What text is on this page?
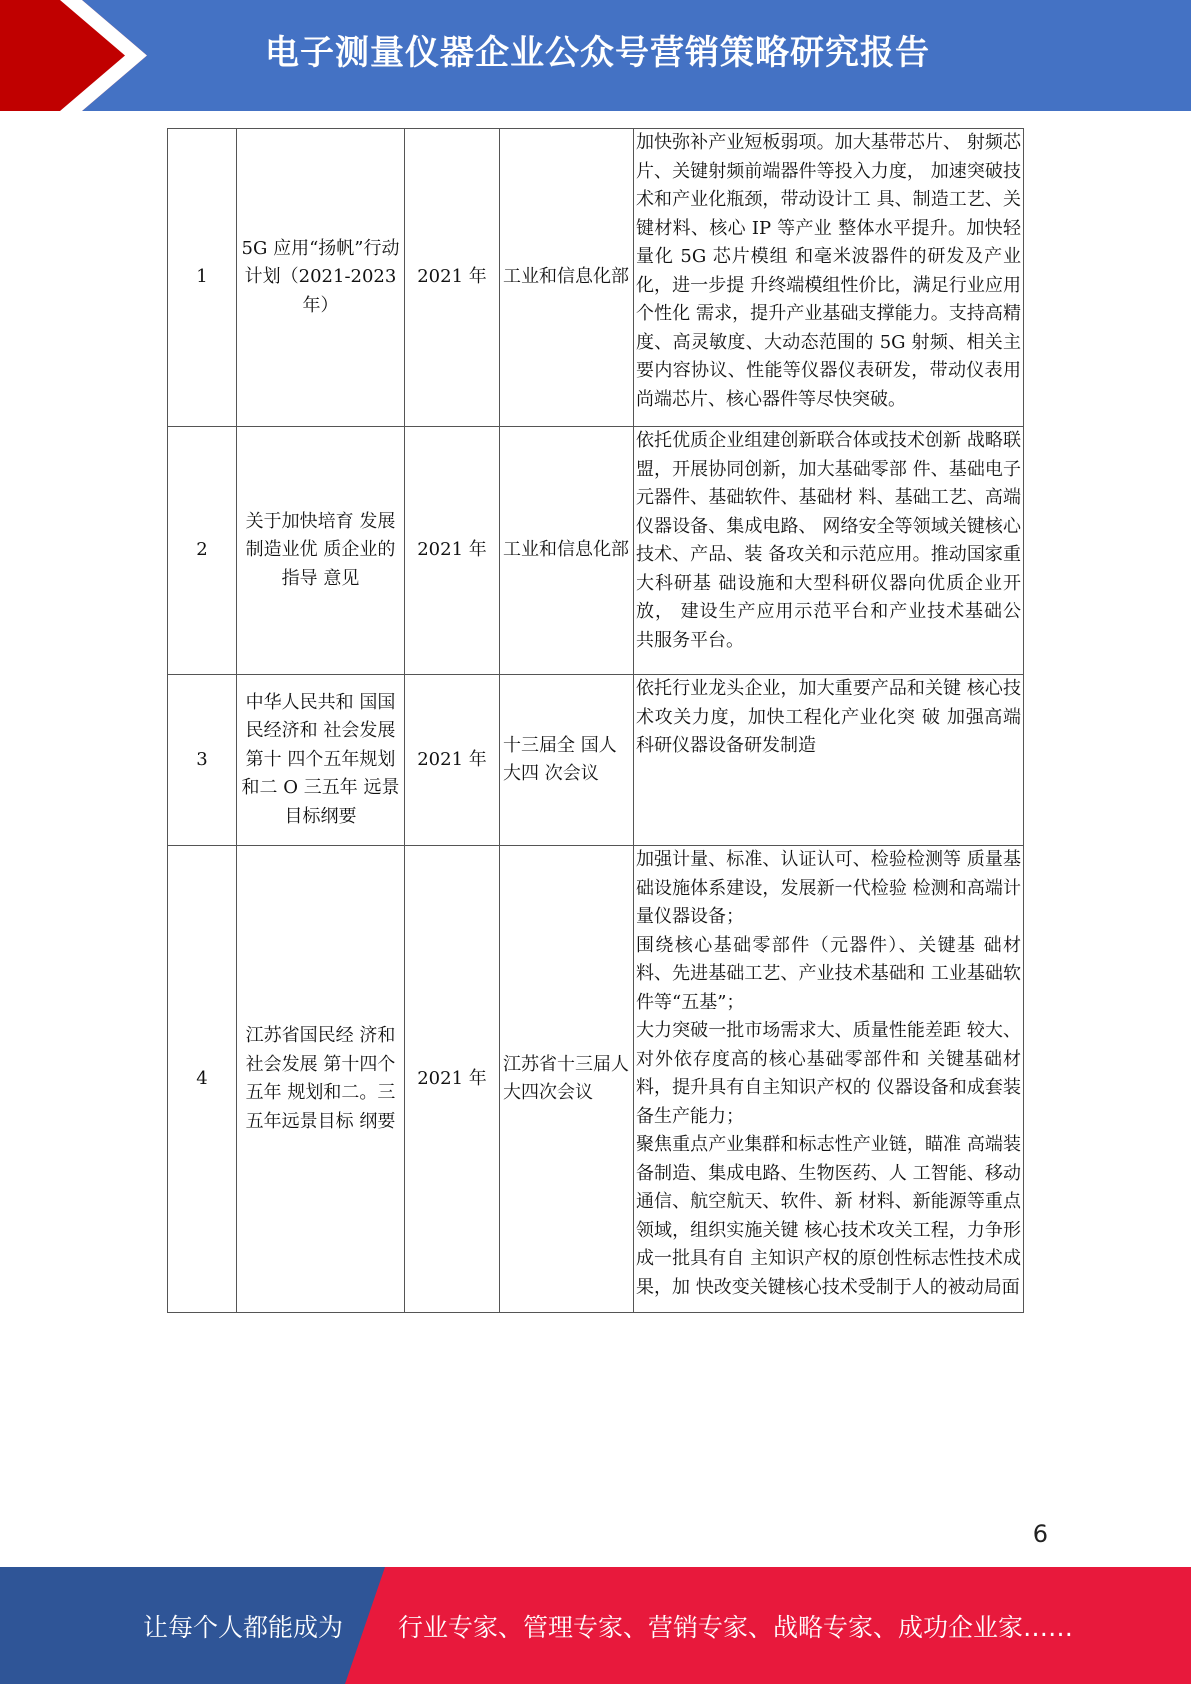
电子测量仪器企业公众号营销策略研究报告
1	5G 应用“扬帆”行动计划（2021-2023 年）	2021 年	工业和信息化部	加快弥补产业短板弱项。加大基带芯片、 射频芯片、关键射频前端器件等投入力度， 加速突破技术和产业化瓶颈，带动设计工 具、制造工艺、关键材料、核心 IP 等产业 整体水平提升。加快轻量化 5G 芯片模组 和毫米波器件的研发及产业化，进一步提 升终端模组性价比，满足行业应用个性化 需求，提升产业基础支撑能力。支持高精 度、高灵敏度、大动态范围的 5G 射频、相关主要内容协议、性能等仪器仪表研发，带动仪表用 尚端芯片、核心器件等尽快突破。

2	关于加快培育 发展制造业优 质企业的指导 意见	2021 年	工业和信息化部	依托优质企业组建创新联合体或技术创新 战略联盟，开展协同创新，加大基础零部 件、基础电子元器件、基础软件、基础材 料、基础工艺、高端仪器设备、集成电路、 网络安全等领域关键核心技术、产品、装 备攻关和示范应用。推动国家重大科研基 础设施和大型科研仪器向优质企业开放， 建设生产应用示范平台和产业技术基础公 共服务平台。

3	中华人民共和 国国民经济和 社会发展第十 四个五年规划 和二 O 三五年 远景目标纲要	2021 年	十三届全 国人大四 次会议	依托行业龙头企业，加大重要产品和关键 核心技术攻关力度，加快工程化产业化突 破 加强高端科研仪器设备研发制造

4	江苏省国民经 济和社会发展 第十四个五年 规划和二。三 五年远景目标 纲要	2021 年	江苏省十三届人大四次会议	加强计量、标准、认证认可、检验检测等 质量基础设施体系建设，发展新一代检验 检测和高端计量仪器设备；
围绕核心基础零部件（元器件）、关键基 础材料、先进基础工艺、产业技术基础和 工业基础软件等“五基”；
大力突破一批市场需求大、质量性能差距 较大、对外依存度高的核心基础零部件和 关键基础材料，提升具有自主知识产权的 仪器设备和成套装备生产能力；
聚焦重点产业集群和标志性产业链，瞄准 高端装备制造、集成电路、生物医药、人 工智能、移动通信、航空航天、软件、新 材料、新能源等重点领域，组织实施关键 核心技术攻关工程，力争形成一批具有自 主知识产权的原创性标志性技术成果，加 快改变关键核心技术受制于人的被动局面
6
让每个人都能成为 行业专家、管理专家、营销专家、战略专家、成功企业家……
